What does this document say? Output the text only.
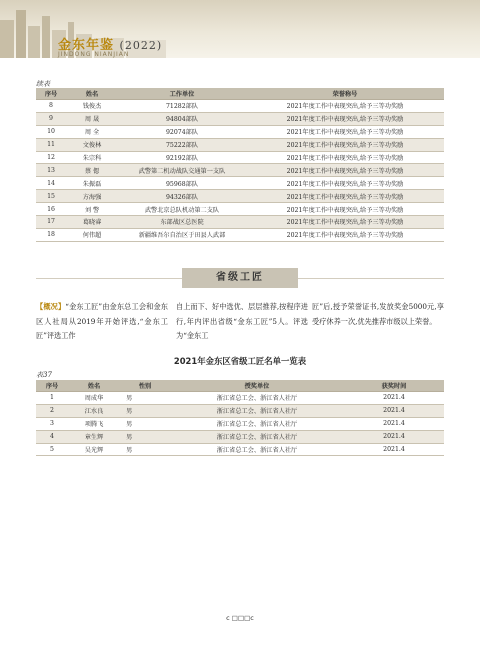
金东年鉴 (2022)
JINDONG NIANJIAN
续表
序号	姓名	工作单位	荣誉称号
8	钱俊杰	71282部队	2021年度工作中表现突出,给予三等功奖励
9	周 晟	94804部队	2021年度工作中表现突出,给予三等功奖励
10	周 全	92074部队	2021年度工作中表现突出,给予三等功奖励
11	文俊林	75222部队	2021年度工作中表现突出,给予三等功奖励
12	朱宗科	92192部队	2021年度工作中表现突出,给予三等功奖励
13	蔡 偲	武警第二机动战队交通第一支队	2021年度工作中表现突出,给予三等功奖励
14	朱振磊	95968部队	2021年度工作中表现突出,给予三等功奖励
15	方海强	94326部队	2021年度工作中表现突出,给予三等功奖励
16	刘 警	武警北京总队机动第二支队	2021年度工作中表现突出,给予三等功奖励
17	葛晓睿	东部战区总医院	2021年度工作中表现突出,给予三等功奖励
18	何伟超	新疆维吾尔自治区于田县人武部	2021年度工作中表现突出,给予三等功奖励
省级工匠
【概况】“金东工匠”由金东总工会和金东区人社局从2019年开始评选,“金东工匠”评选工作
自上而下、好中选优、层层推荐,按程序进行,年内评出省级“金东工匠”5人。评选为“金东工
匠”后,授予荣誉证书,发放奖金5000元,享受疗休养一次,优先推荐市级以上荣誉。
2021年金东区省级工匠名单一览表
表37
序号	姓名	性别	授奖单位	获奖时间
1	周成华	男	浙江省总工会、浙江省人社厅	2021.4
2	江水良	男	浙江省总工会、浙江省人社厅	2021.4
3	项腾飞	男	浙江省总工会、浙江省人社厅	2021.4
4	章生辉	男	浙江省总工会、浙江省人社厅	2021.4
5	吴光辉	男	浙江省总工会、浙江省人社厅	2021.4
c □□□c
